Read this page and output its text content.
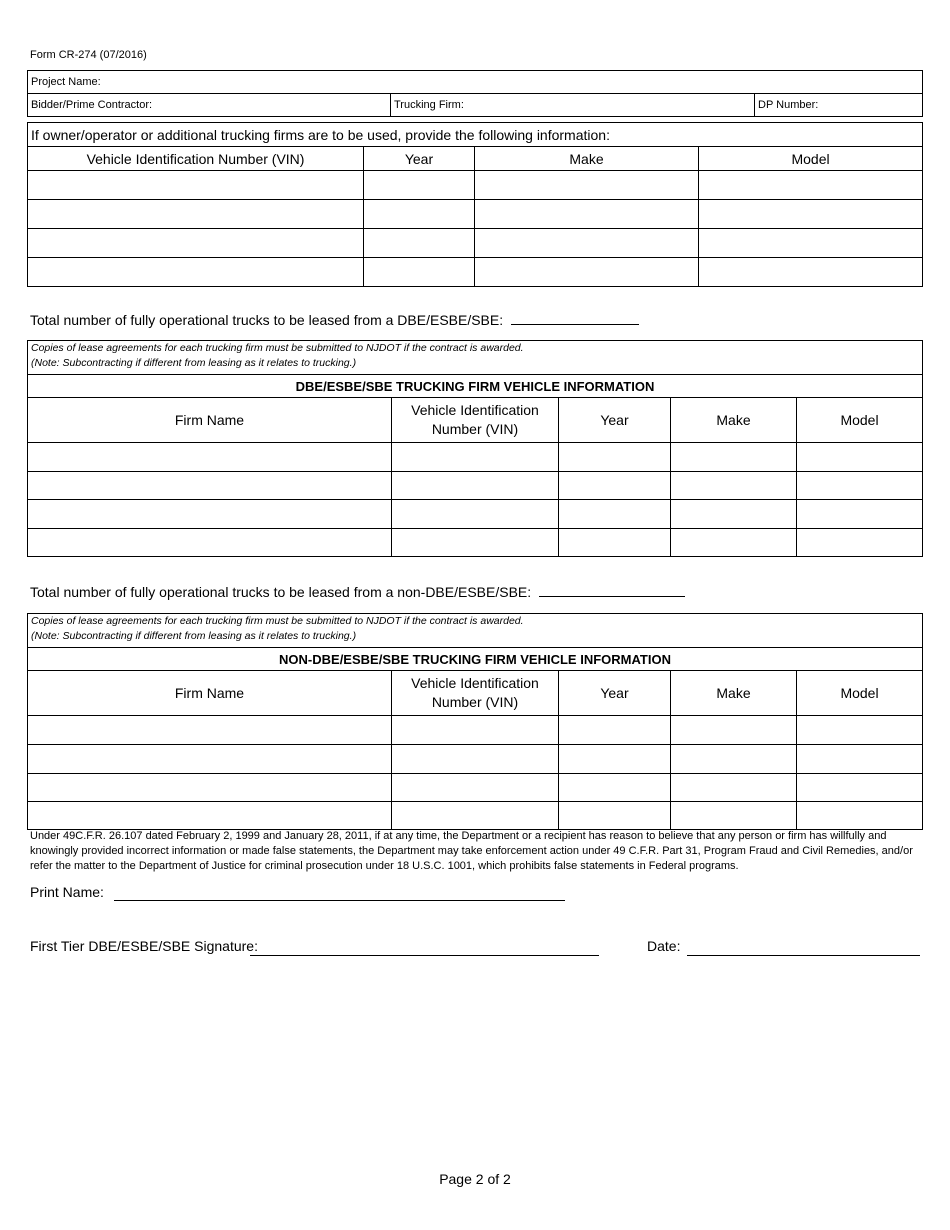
Form CR-274 (07/2016)
Project Name:
Bidder/Prime Contractor:	Trucking Firm:	DP Number:
If owner/operator or additional trucking firms are to be used, provide the following information:			
Vehicle Identification Number (VIN)	Year	Make	Model

Total number of fully operational trucks to be leased from a DBE/ESBE/SBE:
Copies of lease agreements for each trucking firm must be submitted to NJDOT if the contract is awarded.
(Note: Subcontracting if different from leasing as it relates to trucking.)				

DBE/ESBE/SBE TRUCKING FIRM VEHICLE INFORMATION				
Firm Name	Vehicle Identification Number (VIN)	Year	Make	Model

Total number of fully operational trucks to be leased from a non-DBE/ESBE/SBE:
Copies of lease agreements for each trucking firm must be submitted to NJDOT if the contract is awarded.
(Note: Subcontracting if different from leasing as it relates to trucking.)				

NON-DBE/ESBE/SBE TRUCKING FIRM VEHICLE INFORMATION				
Firm Name	Vehicle Identification Number (VIN)	Year	Make	Model

Under 49C.F.R. 26.107 dated February 2, 1999 and January 28, 2011, if at any time, the Department or a recipient has reason to believe that any person or firm has willfully and knowingly provided incorrect information or made false statements, the Department may take enforcement action under 49 C.F.R. Part 31, Program Fraud and Civil Remedies, and/or refer the matter to the Department of Justice for criminal prosecution under 18 U.S.C. 1001, which prohibits false statements in Federal programs.
Print Name:
First Tier DBE/ESBE/SBE Signature:	Date:
Page 2 of 2
